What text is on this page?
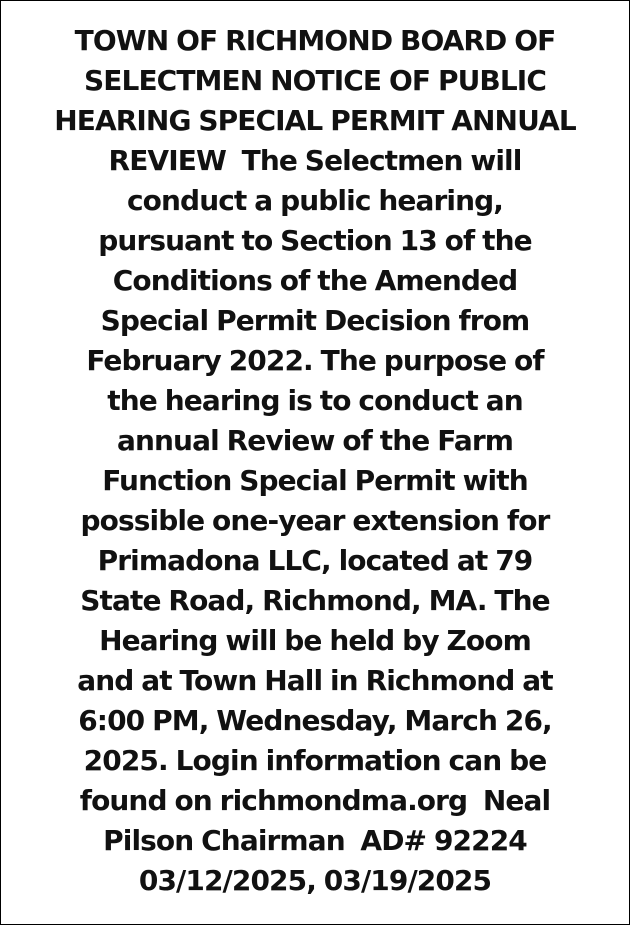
TOWN OF RICHMOND BOARD OF
SELECTMEN NOTICE OF PUBLIC
HEARING SPECIAL PERMIT ANNUAL
REVIEW  The Selectmen will
conduct a public hearing,
pursuant to Section 13 of the
Conditions of the Amended
Special Permit Decision from
February 2022. The purpose of
the hearing is to conduct an
annual Review of the Farm
Function Special Permit with
possible one-year extension for
Primadona LLC, located at 79
State Road, Richmond, MA. The
Hearing will be held by Zoom
and at Town Hall in Richmond at
6:00 PM, Wednesday, March 26,
2025. Login information can be
found on richmondma.org  Neal
Pilson Chairman  AD# 92224
03/12/2025, 03/19/2025
